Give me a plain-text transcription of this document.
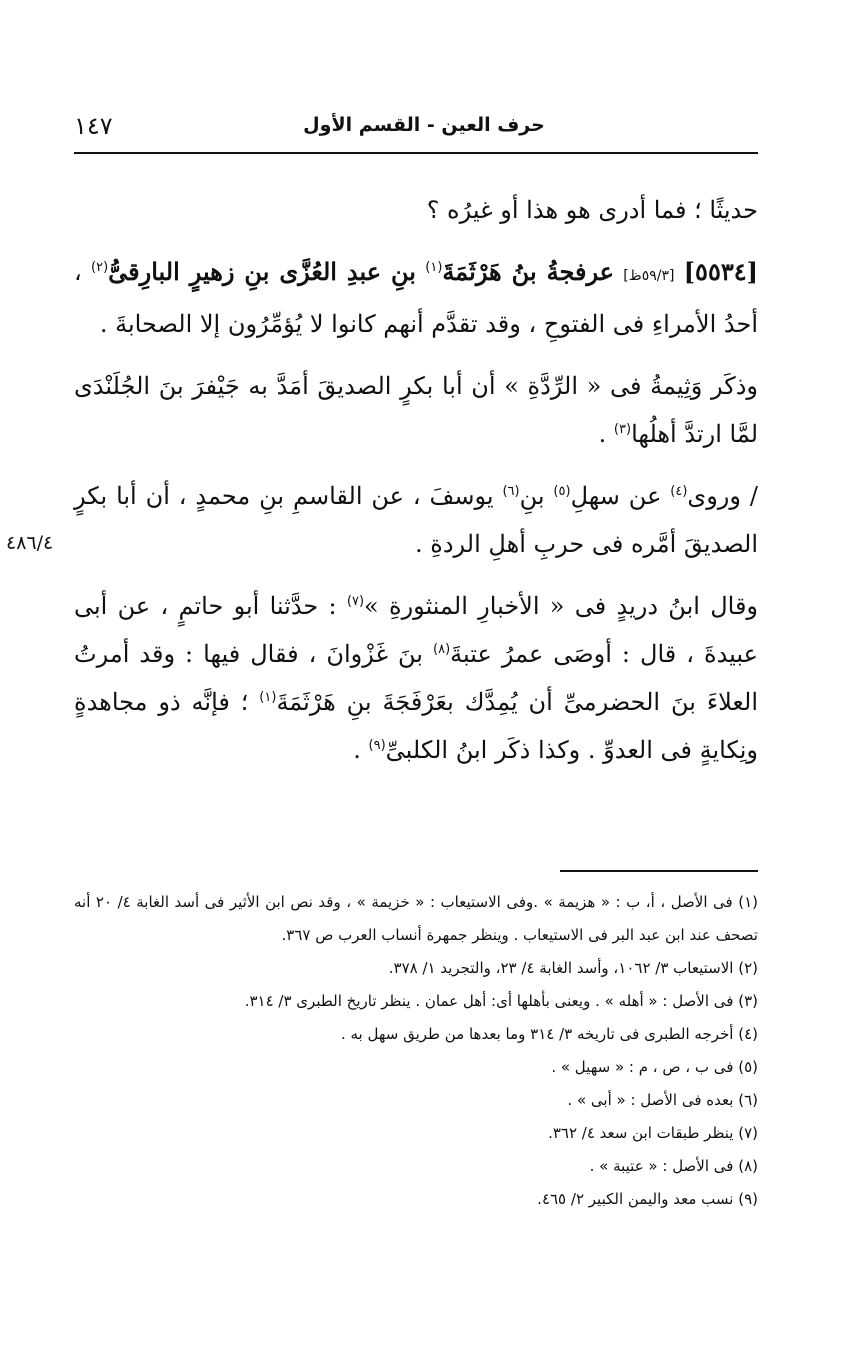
١٤٧	حرف العين - القسم الأول
٤٨٦/٤

حديثًا ؛ فما أدرى هو هذا أو غيرُه ؟

[٥٥٣٤] [٥٩/٣ظ] عرفجةُ بنُ هَرْثَمَةَ$^{(١)}$ بنِ عبدِ العُزَّى بنِ زهيرٍ البارِقىُّ$^{(٢)}$ ، أحدُ الأمراءِ فى الفتوحِ ، وقد تقدَّم أنهم كانوا لا يُؤمِّرُون إلا الصحابةَ .

وذكَر وَثِيمةُ فى « الرِّدَّةِ » أن أبا بكرٍ الصديقَ أمَدَّ به جَيْفرَ بنَ الجُلَنْدَى لمَّا ارتدَّ أهلُها$^{(٣)}$ .

/ وروى$^{(٤)}$ عن سهلِ$^{(٥)}$ بنِ$^{(٦)}$ يوسفَ ، عن القاسمِ بنِ محمدٍ ، أن أبا بكرٍ الصديقَ أمَّره فى حربِ أهلِ الردةِ .

وقال ابنُ دريدٍ فى « الأخبارِ المنثورةِ »$^{(٧)}$ : حدَّثنا أبو حاتمٍ ، عن أبى عبيدةَ ، قال : أوصَى عمرُ عتبةَ$^{(٨)}$ بنَ غَزْوانَ ، فقال فيها : وقد أمرتُ العلاءَ بنَ الحضرمىِّ أن يُمِدَّك بعَرْفَجَةَ بنِ هَرْثَمَةَ$^{(١)}$ ؛ فإنَّه ذو مجاهدةٍ ونِكايةٍ فى العدوِّ . وكذا ذكَر ابنُ الكلبىِّ$^{(٩)}$ .

(١) فى الأصل ، أ، ب : « هزيمة » .وفى الاستيعاب : « خزيمة » ، وقد نص ابن الأثير فى أسد الغابة ٤/ ٢٠ أنه تصحف عند ابن عبد البر فى الاستيعاب . وينظر جمهرة أنساب العرب ص ٣٦٧.
(٢) الاستيعاب ٣/ ١٠٦٢، وأسد الغابة ٤/ ٢٣، والتجريد ١/ ٣٧٨.
(٣) فى الأصل : « أهله » . ويعنى بأهلها أى: أهل عمان . ينظر تاريخ الطبرى ٣/ ٣١٤.
(٤) أخرجه الطبرى فى تاريخه ٣/ ٣١٤ وما بعدها من طريق سهل به .
(٥) فى ب ، ص ، م : « سهيل » .
(٦) بعده فى الأصل : « أبى » .
(٧) ينظر طبقات ابن سعد ٤/ ٣٦٢.
(٨) فى الأصل : « عتيبة » .
(٩) نسب معد واليمن الكبير ٢/ ٤٦٥.
